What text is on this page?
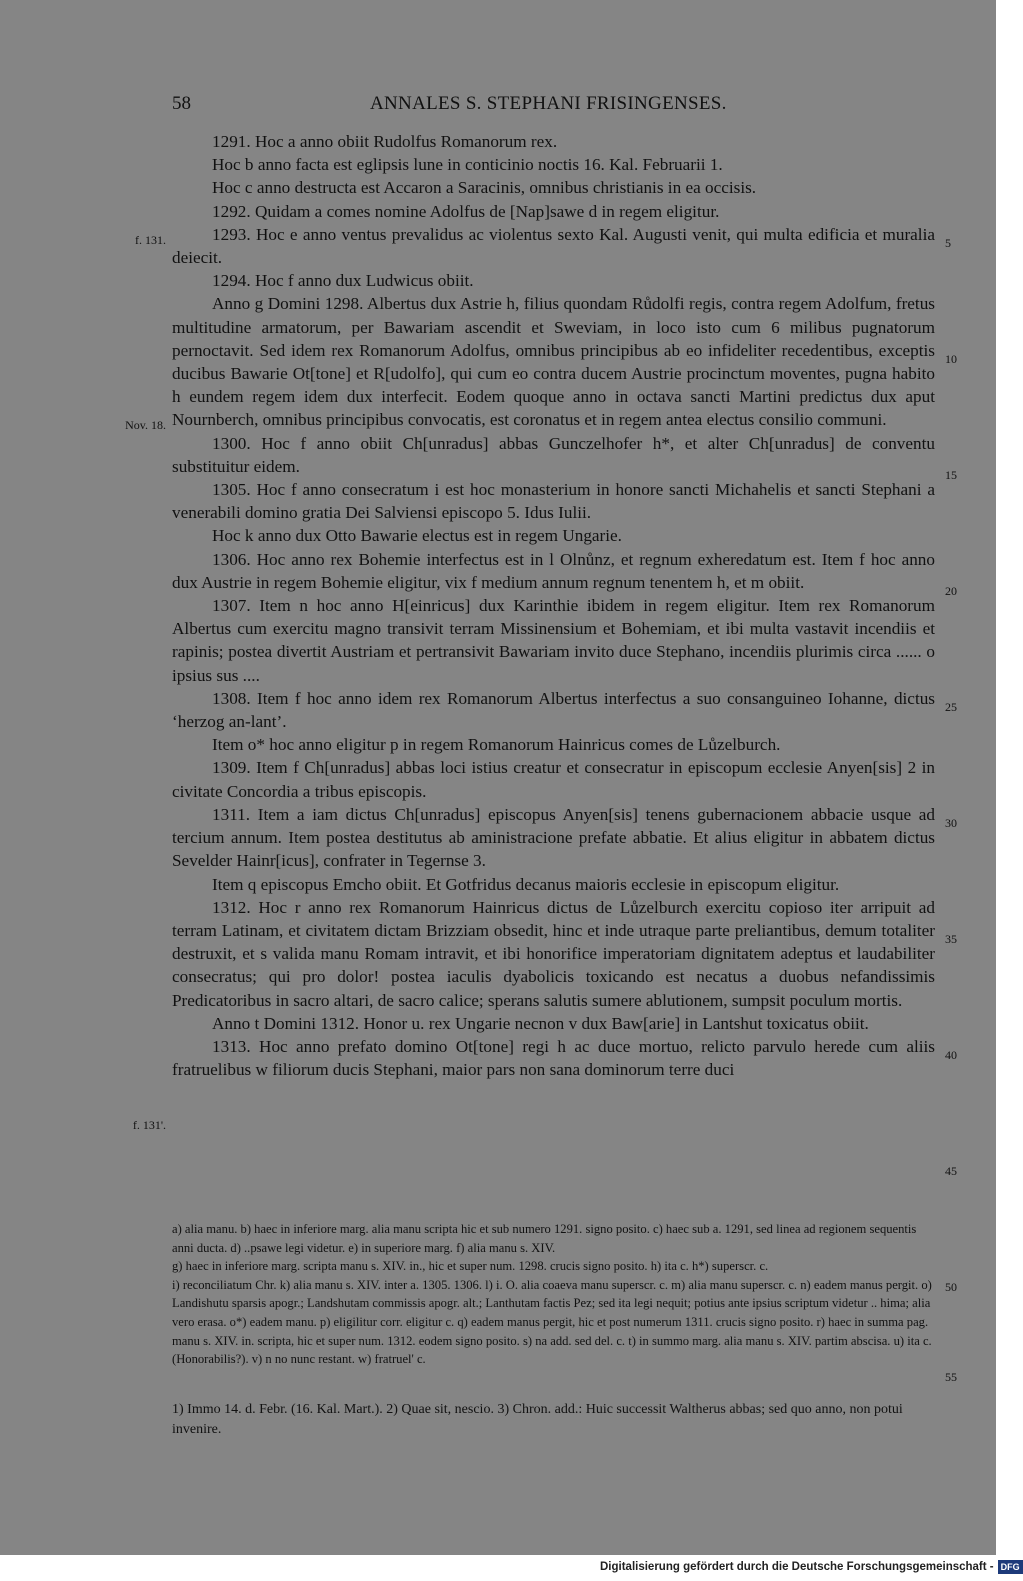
58	ANNALES S. STEPHANI FRISINGENSES.

1291. Hoc a anno obiit Rudolfus Romanorum rex.

Hoc b anno facta est eglipsis lune in conticinio noctis 16. Kal. Februarii 1.

Hoc c anno destructa est Accaron a Saracinis, omnibus christianis in ea occisis.

1292. Quidam a comes nomine Adolfus de [Nap]sawe d in regem eligitur.

1293. Hoc e anno ventus prevalidus ac violentus sexto Kal. Augusti venit, qui multa edificia et muralia deiecit.

1294. Hoc f anno dux Ludwicus obiit.

Anno g Domini 1298. Albertus dux Astrie h, filius quondam Růdolfi regis, contra regem Adolfum, fretus multitudine armatorum, per Bawariam ascendit et Sweviam, in loco isto cum 6 milibus pugnatorum pernoctavit. Sed idem rex Romanorum Adolfus, omnibus principibus ab eo infideliter recedentibus, exceptis ducibus Bawarie Ot[tone] et R[udolfo], qui cum eo contra ducem Austrie procinctum moventes, pugna habito h eundem regem idem dux interfecit. Eodem quoque anno in octava sancti Martini predictus dux aput Nournberch, omnibus principibus convocatis, est coronatus et in regem antea electus consilio communi.

1300. Hoc f anno obiit Ch[unradus] abbas Gunczelhofer h*, et alter Ch[unradus] de conventu substituitur eidem.

1305. Hoc f anno consecratum i est hoc monasterium in honore sancti Michahelis et sancti Stephani a venerabili domino gratia Dei Salviensi episcopo 5. Idus Iulii.

Hoc k anno dux Otto Bawarie electus est in regem Ungarie.

1306. Hoc anno rex Bohemie interfectus est in l Olnůnz, et regnum exheredatum est. Item f hoc anno dux Austrie in regem Bohemie eligitur, vix f medium annum regnum tenentem h, et m obiit.

1307. Item n hoc anno H[einricus] dux Karinthie ibidem in regem eligitur. Item rex Romanorum Albertus cum exercitu magno transivit terram Missinensium et Bohemiam, et ibi multa vastavit incendiis et rapinis; postea divertit Austriam et pertransivit Bawariam invito duce Stephano, incendiis plurimis circa ...... o ipsius sus ....

1308. Item f hoc anno idem rex Romanorum Albertus interfectus a suo consanguineo Iohanne, dictus ‘herzog an-lant’.

Item o* hoc anno eligitur p in regem Romanorum Hainricus comes de Lůzelburch.

1309. Item f Ch[unradus] abbas loci istius creatur et consecratur in episcopum ecclesie Anyen[sis] 2 in civitate Concordia a tribus episcopis.

1311. Item a iam dictus Ch[unradus] episcopus Anyen[sis] tenens gubernacionem abbacie usque ad tercium annum. Item postea destitutus ab aministracione prefate abbatie. Et alius eligitur in abbatem dictus Sevelder Hainr[icus], confrater in Tegernse 3.

Item q episcopus Emcho obiit. Et Gotfridus decanus maioris ecclesie in episcopum eligitur.

1312. Hoc r anno rex Romanorum Hainricus dictus de Lůzelburch exercitu copioso iter arripuit ad terram Latinam, et civitatem dictam Brizziam obsedit, hinc et inde utraque parte preliantibus, demum totaliter destruxit, et s valida manu Romam intravit, et ibi honorifice imperatoriam dignitatem adeptus et laudabiliter consecratus; qui pro dolor! postea iaculis dyabolicis toxicando est necatus a duobus nefandissimis Predicatoribus in sacro altari, de sacro calice; sperans salutis sumere ablutionem, sumpsit poculum mortis.

Anno t Domini 1312. Honor u. rex Ungarie necnon v dux Baw[arie] in Lantshut toxicatus obiit.

1313. Hoc anno prefato domino Ot[tone] regi h ac duce mortuo, relicto parvulo herede cum aliis fratruelibus w filiorum ducis Stephani, maior pars non sana dominorum terre duci

f. 131.
Nov. 18.
f. 131'.
5
10
15
20
25
30
35
40
45
50
55

a) alia manu. b) haec in inferiore marg. alia manu scripta hic et sub numero 1291. signo posito. c) haec sub a. 1291, sed linea ad regionem sequentis anni ducta. d) ..psawe legi videtur. e) in superiore marg. f) alia manu s. XIV.

g) haec in inferiore marg. scripta manu s. XIV. in., hic et super num. 1298. crucis signo posito. h) ita c. h*) superscr. c.

i) reconciliatum Chr. k) alia manu s. XIV. inter a. 1305. 1306. l) i. O. alia coaeva manu superscr. c. m) alia manu superscr. c. n) eadem manus pergit. o) Landishutu sparsis apogr.; Landshutam commissis apogr. alt.; Lanthutam factis Pez; sed ita legi nequit; potius ante ipsius scriptum videtur .. hima; alia vero erasa. o*) eadem manu. p) eligilitur corr. eligitur c. q) eadem manus pergit, hic et post numerum 1311. crucis signo posito. r) haec in summa pag. manu s. XIV. in. scripta, hic et super num. 1312. eodem signo posito. s) na add. sed del. c. t) in summo marg. alia manu s. XIV. partim abscisa. u) ita c. (Honorabilis?). v) n no nunc restant. w) fratruel' c.

1) Immo 14. d. Febr. (16. Kal. Mart.). 2) Quae sit, nescio. 3) Chron. add.: Huic successit Waltherus abbas; sed quo anno, non potui invenire.

Digitalisierung gefördert durch die Deutsche Forschungsgemeinschaft - DFG
